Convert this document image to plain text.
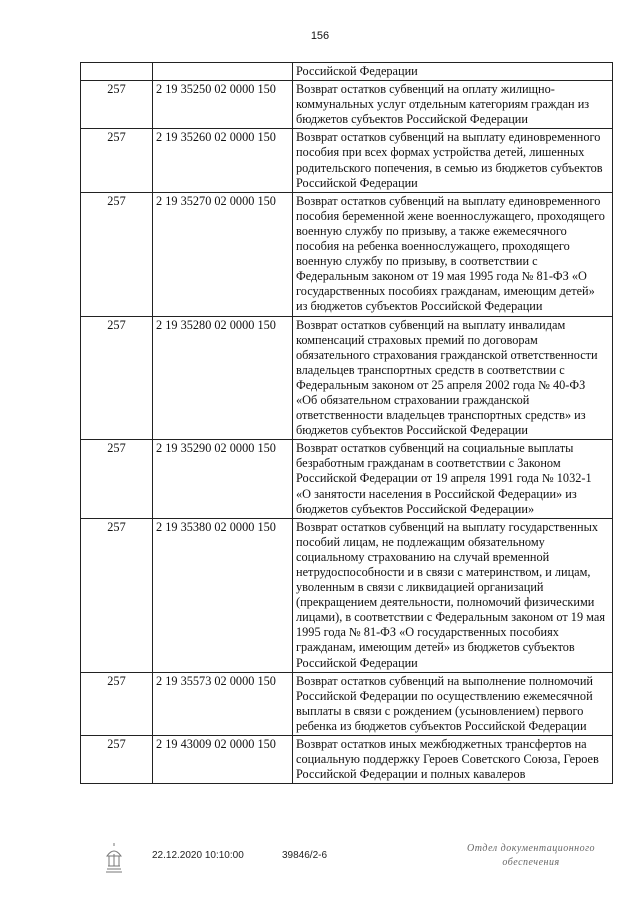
156
		Российской Федерации
257	2 19 35250 02 0000 150	Возврат остатков субвенций на оплату жилищно-коммунальных услуг отдельным категориям граждан из бюджетов субъектов Российской Федерации
257	2 19 35260 02 0000 150	Возврат остатков субвенций на выплату единовременного пособия при всех формах устройства детей, лишенных родительского попечения, в семью из бюджетов субъектов Российской Федерации
257	2 19 35270 02 0000 150	Возврат остатков субвенций на выплату единовременного пособия беременной жене военнослужащего, проходящего военную службу по призыву, а также ежемесячного пособия на ребенка военнослужащего, проходящего военную службу по призыву, в соответствии с Федеральным законом от 19 мая 1995 года № 81-ФЗ «О государственных пособиях гражданам, имеющим детей» из бюджетов субъектов Российской Федерации
257	2 19 35280 02 0000 150	Возврат остатков субвенций на выплату инвалидам компенсаций страховых премий по договорам обязательного страхования гражданской ответственности владельцев транспортных средств в соответствии с Федеральным законом от 25 апреля 2002 года № 40-ФЗ «Об обязательном страховании гражданской ответственности владельцев транспортных средств» из бюджетов субъектов Российской Федерации
257	2 19 35290 02 0000 150	Возврат остатков субвенций на социальные выплаты безработным гражданам в соответствии с Законом Российской Федерации от 19 апреля 1991 года № 1032-1 «О занятости населения в Российской Федерации» из бюджетов субъектов Российской Федерации»
257	2 19 35380 02 0000 150	Возврат остатков субвенций на выплату государственных пособий лицам, не подлежащим обязательному социальному страхованию на случай временной нетрудоспособности и в связи с материнством, и лицам, уволенным в связи с ликвидацией организаций (прекращением деятельности, полномочий физическими лицами), в соответствии с Федеральным законом от 19 мая 1995 года № 81-ФЗ «О государственных пособиях гражданам, имеющим детей» из бюджетов субъектов Российской Федерации
257	2 19 35573 02 0000 150	Возврат остатков субвенций на выполнение полномочий Российской Федерации по осуществлению ежемесячной выплаты в связи с рождением (усыновлением) первого ребенка из бюджетов субъектов Российской Федерации
257	2 19 43009 02 0000 150	Возврат остатков иных межбюджетных трансфертов на социальную поддержку Героев Советского Союза, Героев Российской Федерации и полных кавалеров
22.12.2020 10:10:00	39846/2-6
Отдел документационного
обеспечения
